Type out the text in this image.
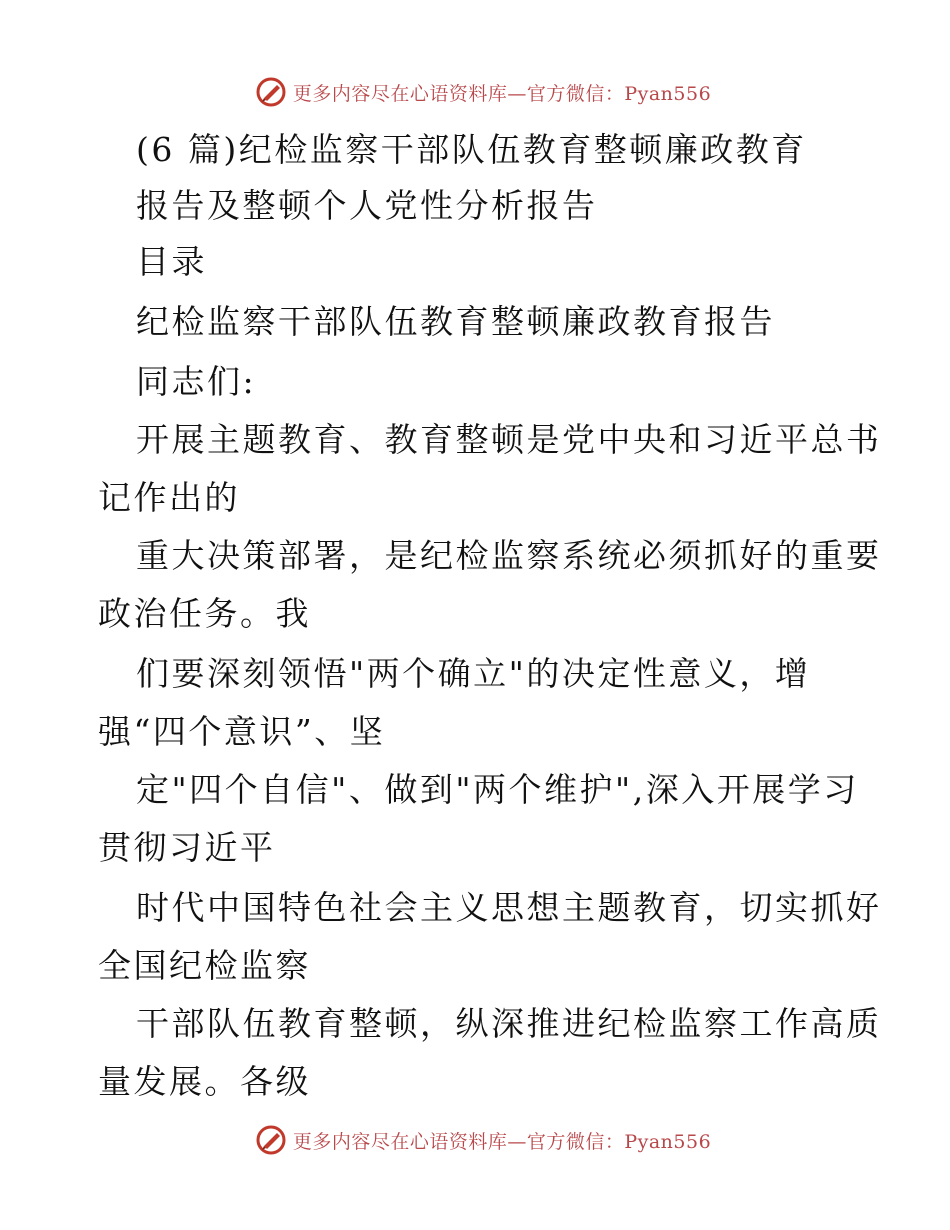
更多内容尽在心语资料库—官方微信：Pyan556
(6 篇)纪检监察干部队伍教育整顿廉政教育
报告及整顿个人党性分析报告
目录
纪检监察干部队伍教育整顿廉政教育报告
同志们:
开展主题教育、教育整顿是党中央和习近平总书
记作出的
重大决策部署，是纪检监察系统必须抓好的重要
政治任务。我
们要深刻领悟"两个确立"的决定性意义，增
强“四个意识”、坚
定"四个自信"、做到"两个维护",深入开展学习
贯彻习近平
时代中国特色社会主义思想主题教育，切实抓好
全国纪检监察
干部队伍教育整顿，纵深推进纪检监察工作高质
量发展。各级
更多内容尽在心语资料库—官方微信：Pyan556
